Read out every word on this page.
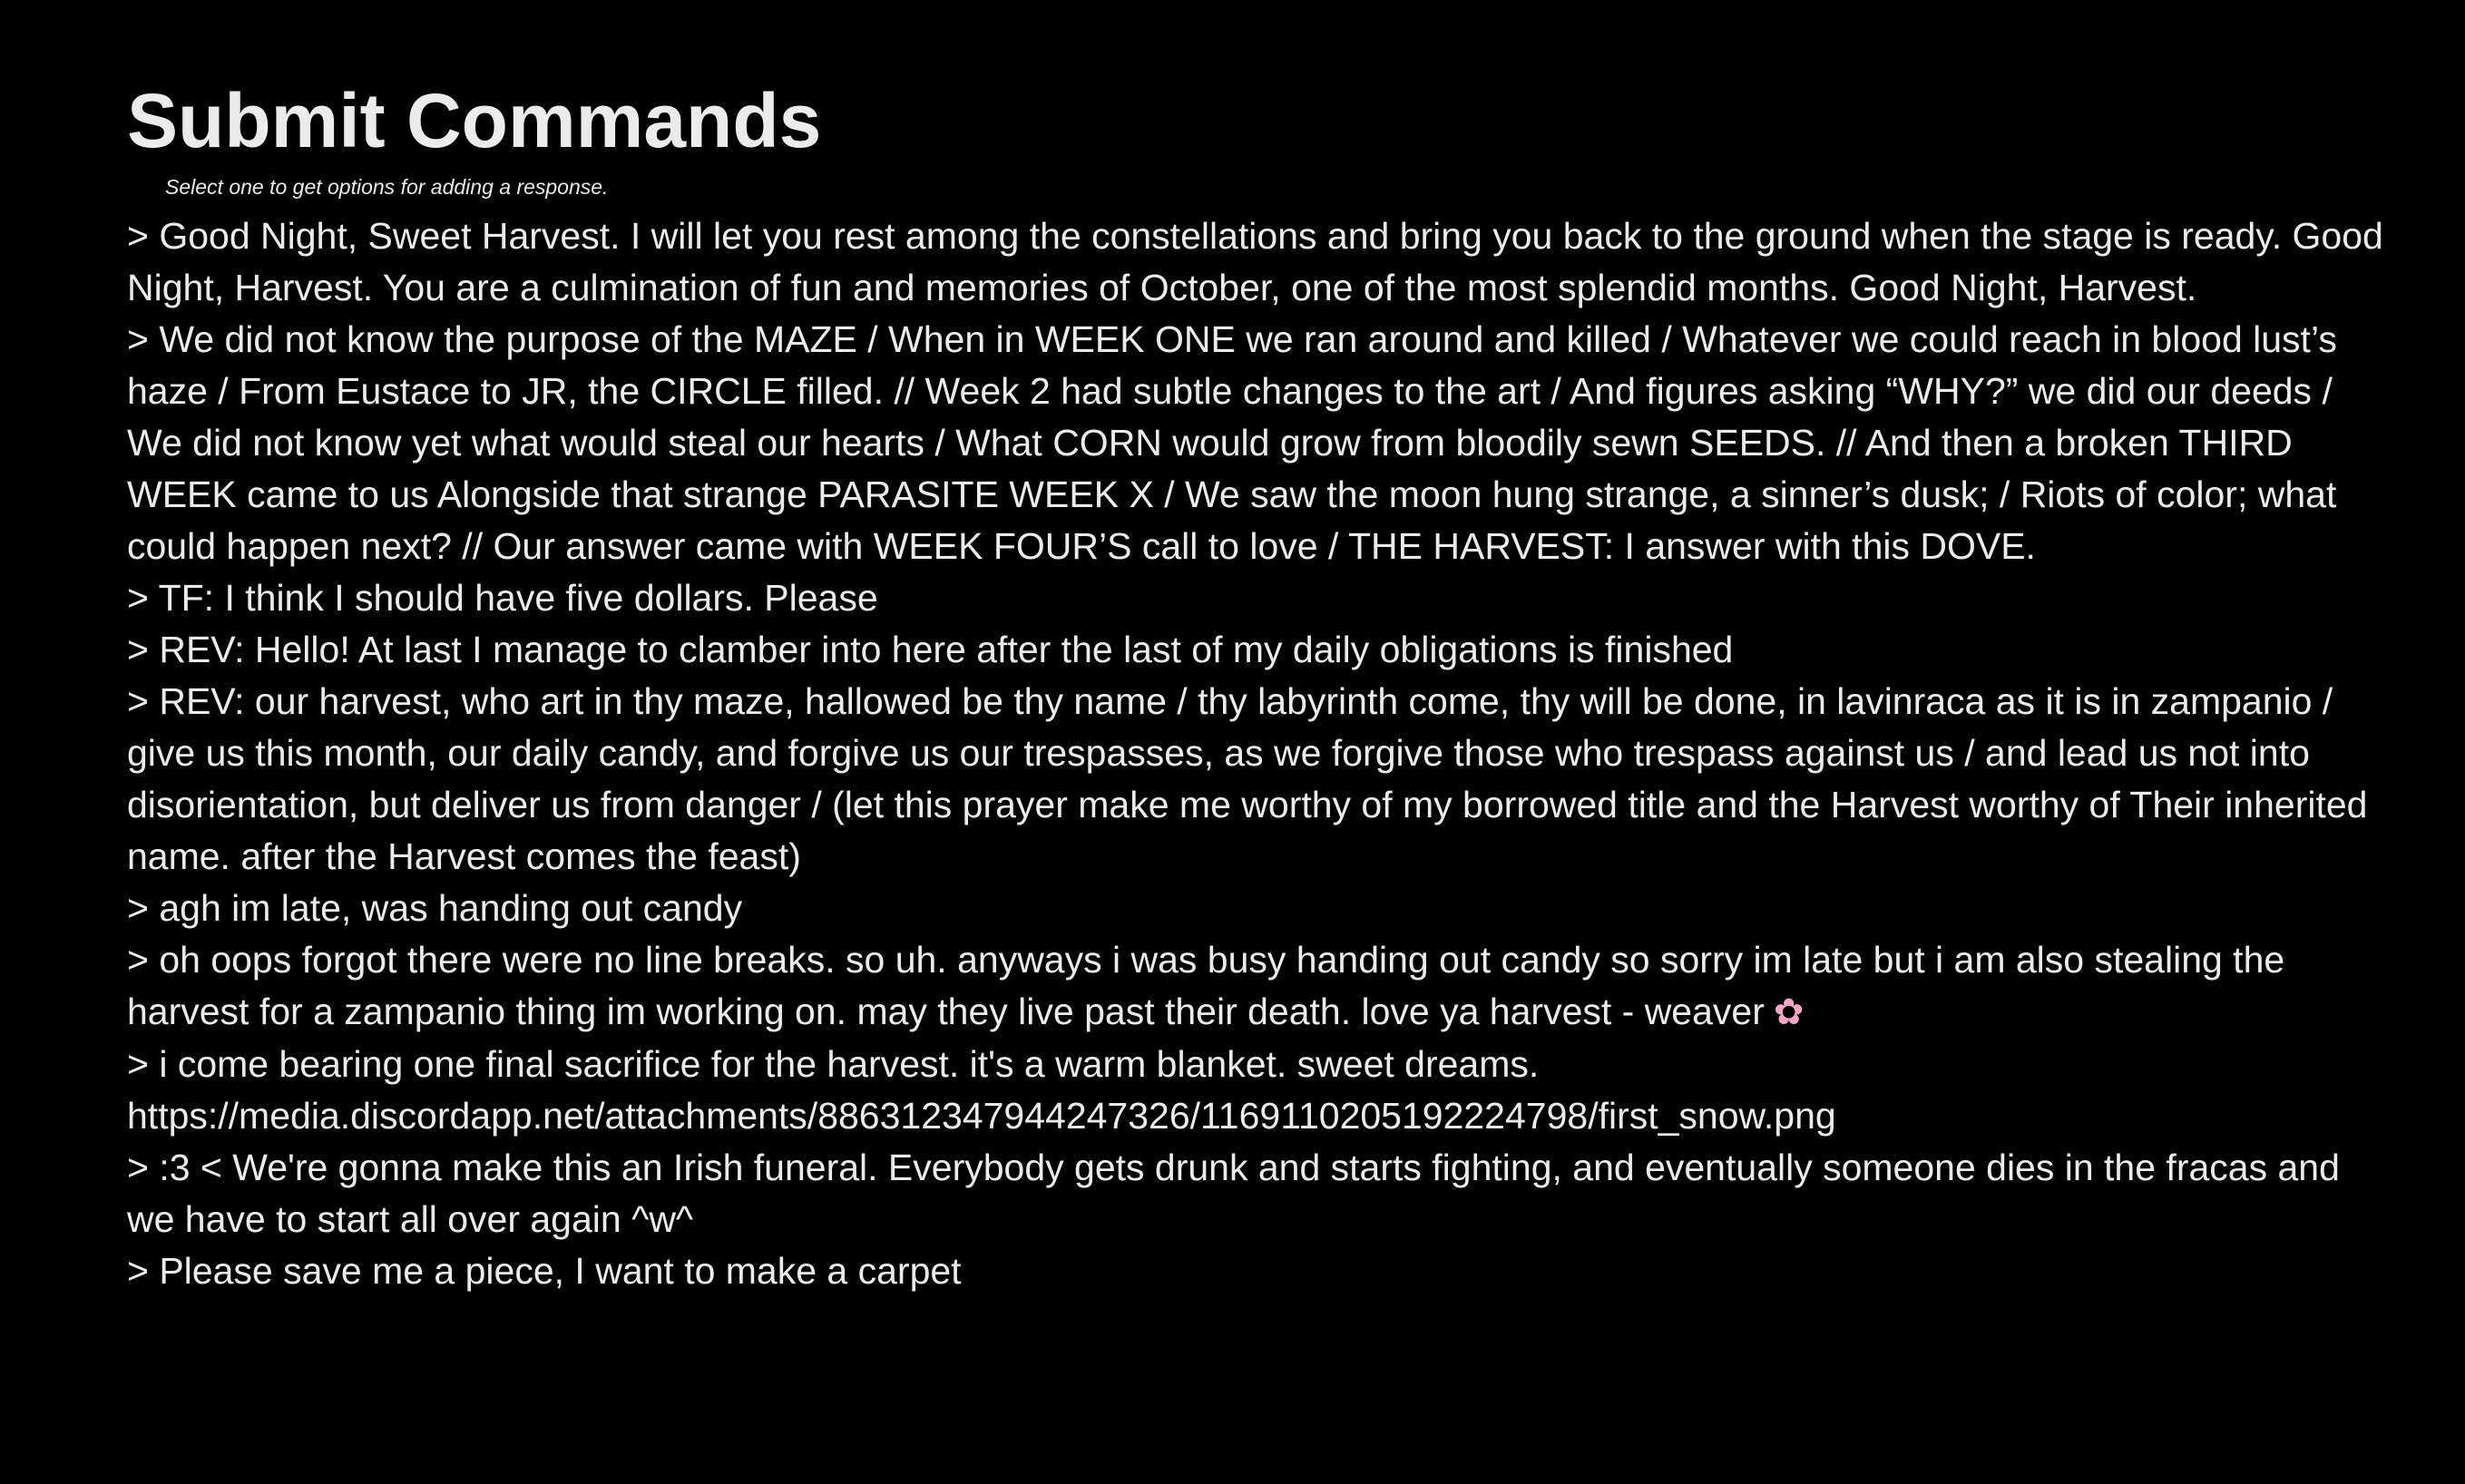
Submit Commands

Select one to get options for adding a response.

> Good Night, Sweet Harvest. I will let you rest among the constellations and bring you back to the ground when the stage is ready. Good Night, Harvest. You are a culmination of fun and memories of October, one of the most splendid months. Good Night, Harvest.
> We did not know the purpose of the MAZE / When in WEEK ONE we ran around and killed / Whatever we could reach in blood lust’s haze / From Eustace to JR, the CIRCLE filled. // Week 2 had subtle changes to the art / And figures asking “WHY?” we did our deeds / We did not know yet what would steal our hearts / What CORN would grow from bloodily sewn SEEDS. // And then a broken THIRD WEEK came to us Alongside that strange PARASITE WEEK X / We saw the moon hung strange, a sinner’s dusk; / Riots of color; what could happen next? // Our answer came with WEEK FOUR’S call to love / THE HARVEST: I answer with this DOVE.
> TF: I think I should have five dollars. Please
> REV: Hello! At last I manage to clamber into here after the last of my daily obligations is finished
> REV: our harvest, who art in thy maze, hallowed be thy name / thy labyrinth come, thy will be done, in lavinraca as it is in zampanio / give us this month, our daily candy, and forgive us our trespasses, as we forgive those who trespass against us / and lead us not into disorientation, but deliver us from danger / (let this prayer make me worthy of my borrowed title and the Harvest worthy of Their inherited name. after the Harvest comes the feast)
> agh im late, was handing out candy
> oh oops forgot there were no line breaks. so uh. anyways i was busy handing out candy so sorry im late but i am also stealing the harvest for a zampanio thing im working on. may they live past their death. love ya harvest - weaver ✿
> i come bearing one final sacrifice for the harvest. it's a warm blanket. sweet dreams. https://media.discordapp.net/attachments/886312347944247326/1169110205192224798/first_snow.png
> :3 < We're gonna make this an Irish funeral. Everybody gets drunk and starts fighting, and eventually someone dies in the fracas and we have to start all over again ^w^
> Please save me a piece, I want to make a carpet
